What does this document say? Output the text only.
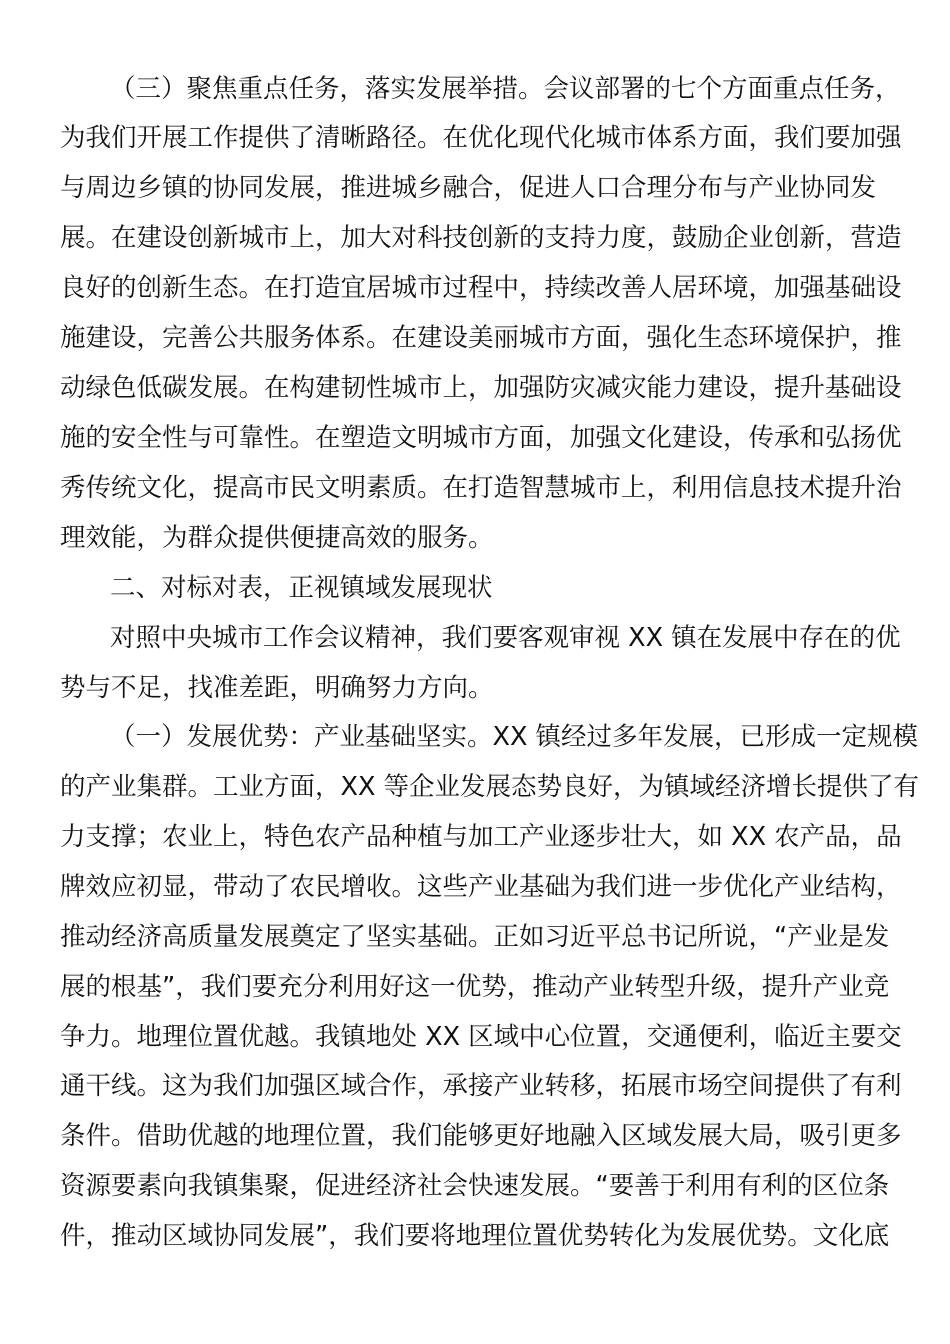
（三）聚焦重点任务，落实发展举措。会议部署的七个方面重点任务，
为我们开展工作提供了清晰路径。在优化现代化城市体系方面，我们要加强
与周边乡镇的协同发展，推进城乡融合，促进人口合理分布与产业协同发
展。在建设创新城市上，加大对科技创新的支持力度，鼓励企业创新，营造
良好的创新生态。在打造宜居城市过程中，持续改善人居环境，加强基础设
施建设，完善公共服务体系。在建设美丽城市方面，强化生态环境保护，推
动绿色低碳发展。在构建韧性城市上，加强防灾减灾能力建设，提升基础设
施的安全性与可靠性。在塑造文明城市方面，加强文化建设，传承和弘扬优
秀传统文化，提高市民文明素质。在打造智慧城市上，利用信息技术提升治
理效能，为群众提供便捷高效的服务。
二、对标对表，正视镇域发展现状
对照中央城市工作会议精神，我们要客观审视 XX 镇在发展中存在的优
势与不足，找准差距，明确努力方向。
（一）发展优势：产业基础坚实。XX 镇经过多年发展，已形成一定规模
的产业集群。工业方面，XX 等企业发展态势良好，为镇域经济增长提供了有
力支撑；农业上，特色农产品种植与加工产业逐步壮大，如 XX 农产品，品
牌效应初显，带动了农民增收。这些产业基础为我们进一步优化产业结构，
推动经济高质量发展奠定了坚实基础。正如习近平总书记所说，“产业是发
展的根基”，我们要充分利用好这一优势，推动产业转型升级，提升产业竞
争力。地理位置优越。我镇地处 XX 区域中心位置，交通便利，临近主要交
通干线。这为我们加强区域合作，承接产业转移，拓展市场空间提供了有利
条件。借助优越的地理位置，我们能够更好地融入区域发展大局，吸引更多
资源要素向我镇集聚，促进经济社会快速发展。“要善于利用有利的区位条
件，推动区域协同发展”，我们要将地理位置优势转化为发展优势。文化底
